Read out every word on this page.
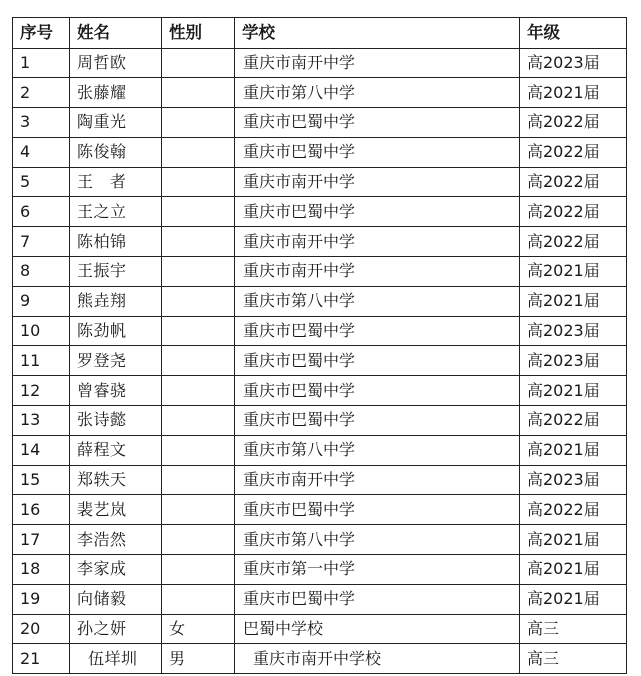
序号	姓名	性别	学校	年级
1	周哲欧		重庆市南开中学	高2023届
2	张藤耀		重庆市第八中学	高2021届
3	陶重光		重庆市巴蜀中学	高2022届
4	陈俊翰		重庆市巴蜀中学	高2022届
5	王　者		重庆市南开中学	高2022届
6	王之立		重庆市巴蜀中学	高2022届
7	陈柏锦		重庆市南开中学	高2022届
8	王振宇		重庆市南开中学	高2021届
9	熊垚翔		重庆市第八中学	高2021届
10	陈劲帆		重庆市巴蜀中学	高2023届
11	罗登尧		重庆市巴蜀中学	高2023届
12	曾睿骁		重庆市巴蜀中学	高2021届
13	张诗懿		重庆市巴蜀中学	高2022届
14	薛程文		重庆市第八中学	高2021届
15	郑轶天		重庆市南开中学	高2023届
16	裴艺岚		重庆市巴蜀中学	高2022届
17	李浩然		重庆市第八中学	高2021届
18	李家成		重庆市第一中学	高2021届
19	向储毅		重庆市巴蜀中学	高2021届
20	孙之妍	女	巴蜀中学校	高三
21	伍垟圳	男	重庆市南开中学校	高三
